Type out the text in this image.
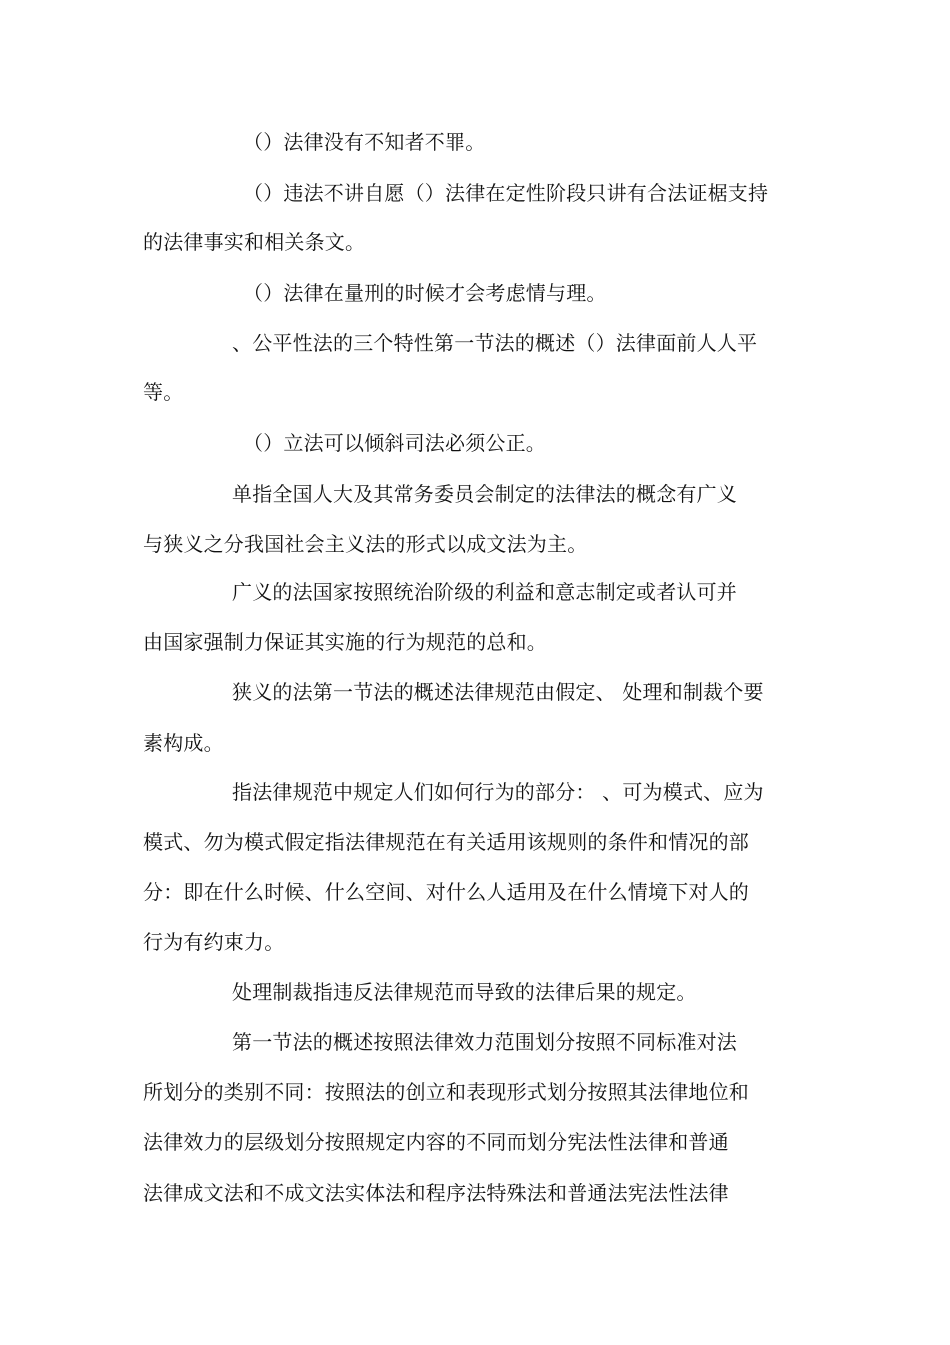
（）法律没有不知者不罪。
（）违法不讲自愿（）法律在定性阶段只讲有合法证椐支持
的法律事实和相关条文。
（）法律在量刑的时候才会考虑情与理。
、公平性法的三个特性第一节法的概述（）法律面前人人平
等。
（）立法可以倾斜司法必须公正。
单指全国人大及其常务委员会制定的法律法的概念有广义
与狭义之分我国社会主义法的形式以成文法为主。
广义的法国家按照统治阶级的利益和意志制定或者认可并
由国家强制力保证其实施的行为规范的总和。
狭义的法第一节法的概述法律规范由假定、 处理和制裁个要
素构成。
指法律规范中规定人们如何行为的部分： 、可为模式、应为
模式、勿为模式假定指法律规范在有关适用该规则的条件和情况的部
分：即在什么时候、什么空间、对什么人适用及在什么情境下对人的
行为有约束力。
处理制裁指违反法律规范而导致的法律后果的规定。
第一节法的概述按照法律效力范围划分按照不同标准对法
所划分的类别不同：按照法的创立和表现形式划分按照其法律地位和
法律效力的层级划分按照规定内容的不同而划分宪法性法律和普通
法律成文法和不成文法实体法和程序法特殊法和普通法宪法性法律
